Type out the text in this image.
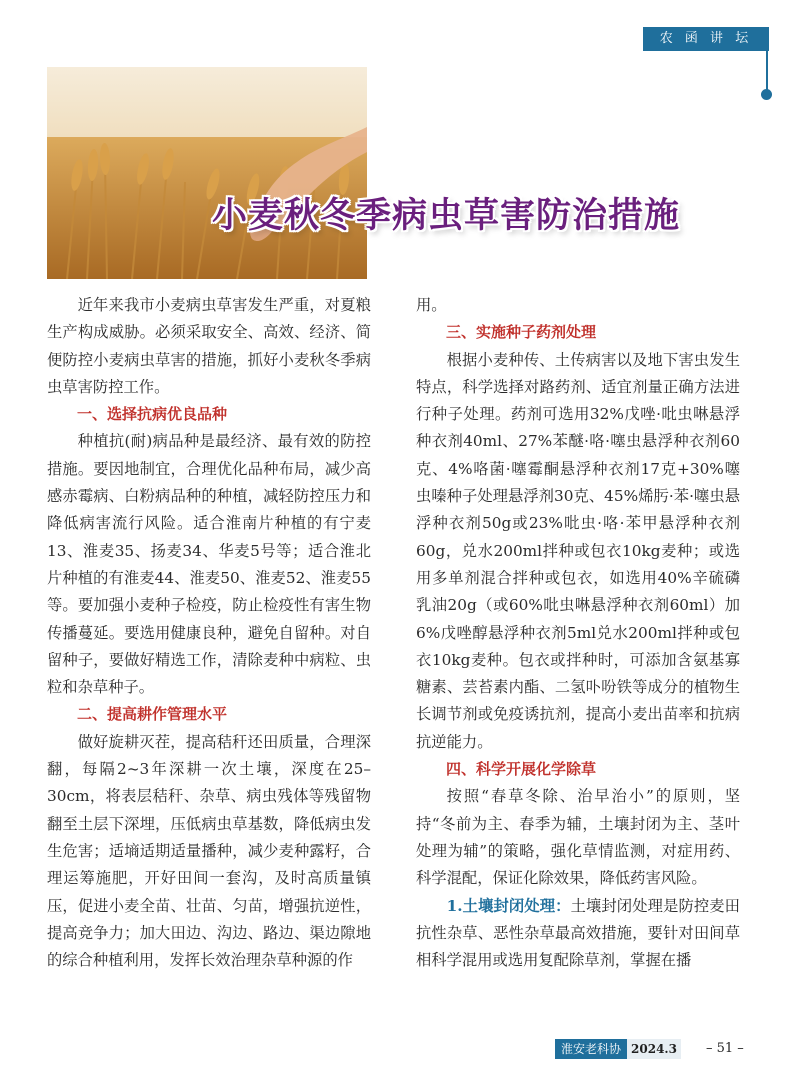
农 函 讲 坛
小麦秋冬季病虫草害防治措施

近年来我市小麦病虫草害发生严重，对夏粮生产构成威胁。必须采取安全、高效、经济、简便防控小麦病虫草害的措施，抓好小麦秋冬季病虫草害防控工作。

一、选择抗病优良品种

种植抗(耐)病品种是最经济、最有效的防控措施。要因地制宜，合理优化品种布局，减少高感赤霉病、白粉病品种的种植，减轻防控压力和降低病害流行风险。适合淮南片种植的有宁麦13、淮麦35、扬麦34、华麦5号等；适合淮北片种植的有淮麦44、淮麦50、淮麦52、淮麦55等。要加强小麦种子检疫，防止检疫性有害生物传播蔓延。要选用健康良种，避免自留种。对自留种子，要做好精选工作，清除麦种中病粒、虫粒和杂草种子。

二、提高耕作管理水平

做好旋耕灭茬，提高秸秆还田质量，合理深翻，每隔2~3年深耕一次土壤，深度在25–30cm，将表层秸秆、杂草、病虫残体等残留物翻至土层下深埋，压低病虫草基数，降低病虫发生危害；适墒适期适量播种，减少麦种露籽，合理运筹施肥，开好田间一套沟，及时高质量镇压，促进小麦全苗、壮苗、匀苗，增强抗逆性，提高竞争力；加大田边、沟边、路边、渠边隙地的综合种植利用，发挥长效治理杂草种源的作

用。

三、实施种子药剂处理

根据小麦种传、土传病害以及地下害虫发生特点，科学选择对路药剂、适宜剂量正确方法进行种子处理。药剂可选用32%戊唑·吡虫啉悬浮种衣剂40ml、27%苯醚·咯·噻虫悬浮种衣剂60克、4%咯菌·噻霉酮悬浮种衣剂17克+30%噻虫嗪种子处理悬浮剂30克、45%烯肟·苯·噻虫悬浮种衣剂50g或23%吡虫·咯·苯甲悬浮种衣剂60g，兑水200ml拌种或包衣10kg麦种；或选用多单剂混合拌种或包衣，如选用40%辛硫磷乳油20g（或60%吡虫啉悬浮种衣剂60ml）加6%戊唑醇悬浮种衣剂5ml兑水200ml拌种或包衣10kg麦种。包衣或拌种时，可添加含氨基寡糖素、芸苔素内酯、二氢卟吩铁等成分的植物生长调节剂或免疫诱抗剂，提高小麦出苗率和抗病抗逆能力。

四、科学开展化学除草

按照“春草冬除、治早治小”的原则，坚持“冬前为主、春季为辅，土壤封闭为主、茎叶处理为辅”的策略，强化草情监测，对症用药、科学混配，保证化除效果，降低药害风险。

1.土壤封闭处理：土壤封闭处理是防控麦田抗性杂草、恶性杂草最高效措施，要针对田间草相科学混用或选用复配除草剂，掌握在播

淮安老科协 2024.3	– 51 –
